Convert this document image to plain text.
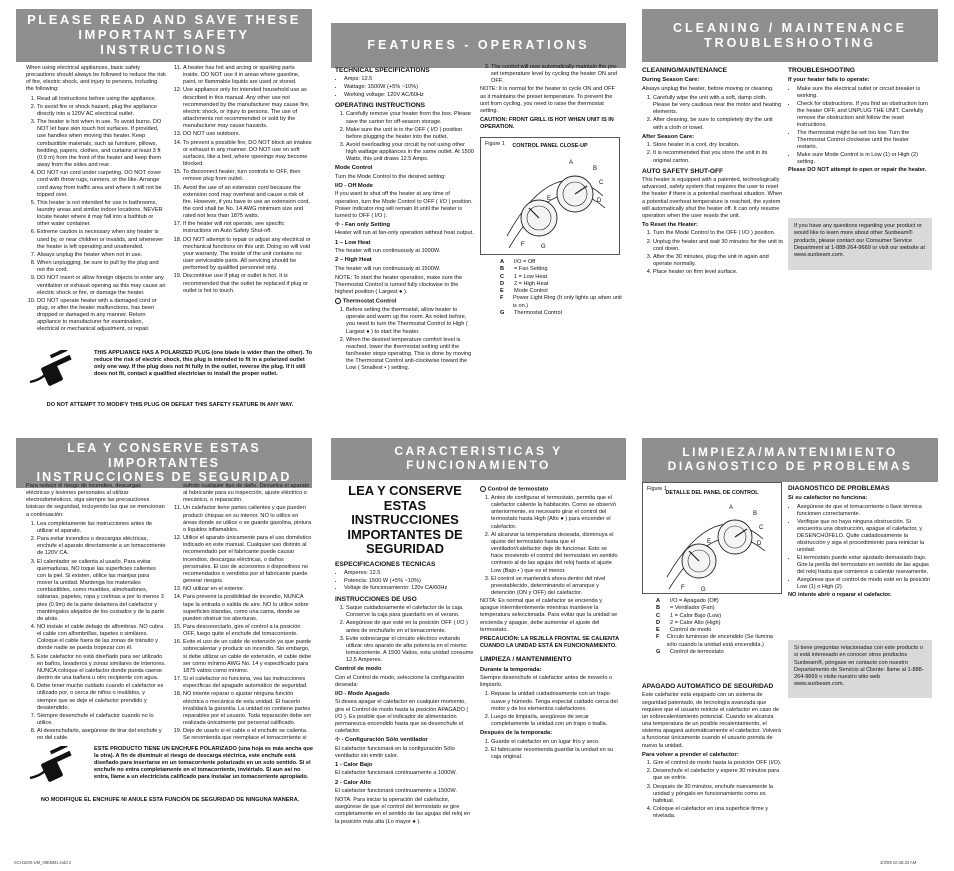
PLEASE READ AND SAVE THESE
IMPORTANT SAFETY INSTRUCTIONS

When using electrical appliances, basic safety precautions should always be followed to reduce the risk of fire, electric shock, and injury to persons, including the following:

1. Read all instructions before using the appliance.
2. To avoid fire or shock hazard, plug the appliance directly into a 120V AC electrical outlet.
3. The heater is hot when in use. To avoid burns, DO NOT let bare skin touch hot surfaces. If provided, use handles when moving this heater. Keep combustible materials, such as furniture, pillows, bedding, papers, clothes, and curtains at least 3 ft (0.9 m) from the front of the heater and keep them away from the sides and rear.
4. DO NOT run cord under carpeting. DO NOT cover cord with throw rugs, runners, or the like. Arrange cord away from traffic area and where it will not be tripped over.
5. This heater is not intended for use in bathrooms, laundry areas and similar indoor locations. NEVER locate heater where it may fall into a bathtub or other water container.
6. Extreme caution is necessary when any heater is used by, or near children or invalids, and whenever the heater is left operating and unattended.
7. Always unplug the heater when not in use.
8. When unplugging, be sure to pull by the plug and not the cord.
9. DO NOT insert or allow foreign objects to enter any ventilation or exhaust opening as this may cause an electric shock or fire, or damage the heater.
10. DO NOT operate heater with a damaged cord or plug, or after the heater malfunctions, has been dropped or damaged in any manner. Return appliance to manufacturer for examination, electrical or mechanical adjustment, or repair.
11. A heater has hot and arcing or sparking parts inside. DO NOT use it in areas where gasoline, paint, or flammable liquids are used or stored.
12. Use appliance only for intended household use as described in this manual. Any other use not recommended by the manufacturer may cause fire, electric shock, or injury to persons. The use of attachments not recommended or sold by the manufacturer may cause hazards.
13. DO NOT use outdoors.
14. To prevent a possible fire, DO NOT block air intakes or exhaust in any manner. DO NOT use on soft surfaces, like a bed, where openings may become blocked.
15. To disconnect heater, turn controls to OFF, then remove plug from outlet.
16. Avoid the use of an extension cord because the extension cord may overheat and cause a risk of fire. However, if you have to use an extension cord, the cord shall be No. 14 AWG minimum size and rated not less than 1875 watts.
17. If the heater will not operate, see specific instructions on Auto Safety Shut-off.
18. DO NOT attempt to repair or adjust any electrical or mechanical functions on this unit. Doing so will void your warranty. The inside of the unit contains no user serviceable parts. All servicing should be performed by qualified personnel only.
19. Discontinue use if plug or outlet is hot. It is recommended that the outlet be replaced if plug or outlet is hot to touch.
THIS APPLIANCE HAS A POLARIZED PLUG (one blade is wider than the other). To reduce the risk of electric shock, this plug is intended to fit in a polarized outlet only one way. If the plug does not fit fully in the outlet, reverse the plug. If it still does not fit, contact a qualified electrician to install the proper outlet.
DO NOT ATTEMPT TO MODIFY THIS PLUG OR DEFEAT THIS SAFETY FEATURE IN ANY WAY.
FEATURES - OPERATIONS
TECHNICAL SPECIFICATIONS
• Amps: 12.5
• Wattage: 1500W (+5% ~10%)
• Working voltage: 120V AC/60Hz
OPERATING INSTRUCTIONS
1. Carefully remove your heater from the box. Please save the carton for off-season storage.
2. Make sure the unit is in the OFF ( I/O ) position before plugging the heater into the outlet.
3. Avoid overloading your circuit by not using other high wattage appliances in the same outlet. At 1500 Watts, this unit draws 12.5 Amps.
Mode Control

Turn the Mode Control to the desired setting:

I/O - Off Mode

If you want to shut off the heater at any time of operation, turn the Mode Control to OFF ( I/O ) position. Power indicator ring will remain lit until the heater is turned to OFF ( I/O ).

✣ - Fan only Setting

Heater will run at fan-only operation without heat output.

1 – Low Heat

The heater will run continuously at 1000W.

2 – High Heat

The heater will run continuously at 1500W.

NOTE: To start the heater operation, make sure the Thermostat Control is turned fully clockwise to the highest position ( Largest ● ).

◦ Thermostat Control
1. Before setting the thermostat, allow heater to operate and warm up the room. As noted before, you need to turn the Thermostat Control to High ( Largest ● ) to start the heater.
2. When the desired temperature comfort level is reached, lower the thermostat setting until the fan/heater stops operating. This is done by moving the Thermostat Control anti-clockwise toward the Low ( Smallest • ) setting.
3. The control will now automatically maintain the pre-set temperature level by cycling the heater ON and OFF.

NOTE: It is normal for the heater to cycle ON and OFF as it maintains the preset temperature. To prevent the unit from cycling, you need to raise the thermostat setting.

CAUTION: FRONT GRILL IS HOT WHEN UNIT IS IN OPERATION.

Figure 1	CONTROL PANEL CLOSE-UP
A
B
C
D
E
F	G
A	I/O = Off
B	= Fan Setting
C	1 = Low Heat
D	2 = High Heat
E	Mode Control
F	Power Light Ring (It only lights up when unit is on.)
G	Thermostat Control
CLEANING / MAINTENANCE
TROUBLESHOOTING
CLEANING/MAINTENANCE
During Season Care:

Always unplug the heater, before moving or cleaning.

1. Carefully wipe the unit with a soft, damp cloth. Please be very cautious near the motor and heating elements.
2. After cleaning, be sure to completely dry the unit with a cloth or towel.
After Season Care:
1. Store heater in a cool, dry location.
2. It is recommended that you store the unit in its original carton.
AUTO SAFETY SHUT-OFF

This heater is equipped with a patented, technologically advanced, safety system that requires the user to reset the heater if there is a potential overheat situation. When a potential overheat temperature is reached, the system will automatically shut the heater off. It can only resume operation when the user resets the unit.

To Reset the Heater:
1. Turn the Mode Control to the OFF ( I/O ) position.
2. Unplug the heater and wait 30 minutes for the unit to cool down.
3. After the 30 minutes, plug the unit in again and operate normally.
4. Place heater on firm level surface.
TROUBLESHOOTING
If your heater fails to operate:
• Make sure the electrical outlet or circuit breaker is working.
• Check for obstructions. If you find an obstruction turn the heater OFF, and UNPLUG THE UNIT. Carefully remove the obstruction and follow the reset instructions.
• The thermostat might be set too low. Turn the Thermostat Control clockwise until the heater restarts.
• Make sure Mode Control is in Low (1) or High (2) setting.

Please DO NOT attempt to open or repair the heater.

If you have any questions regarding your product or would like to learn more about other Sunbeam® products, please contact our Consumer Service Department at 1-888-264-9669 or visit our website at www.sunbeam.com.
LEA Y CONSERVE ESTAS IMPORTANTES
INSTRUCCIONES DE SEGURIDAD

Para reducir el riesgo de incendios, descargas eléctricas y lesiones personales al utilizar electrodomésticos, siga siempre las precauciones básicas de seguridad, incluyendo las que se mencionan a continuación:

1. Lea completamente las instrucciones antes de utilizar el aparato.
2. Para evitar incendios o descargas eléctricas, enchufe el aparato directamente a un tomacorriente de 120V CA.
3. El calentador se calienta al usarlo. Para evitar quemaduras, NO toque las superficies calientes con la piel. Si existen, utilice las manijas para mover la unidad. Mantenga los materiales combustibles, como muebles, almohadones, sábanas, papeles, ropa y cortinas a por lo menos 3 pies (0.9m) de la parte delantera del calefactor y manténgalos alejados de los costados y de la parte de atrás.
4. NO instale el cable debajo de alfombras. NO cubra el cable con alfombrillas, tapetes o similares. Coloque el cable fuera de las zonas de tránsito y donde nadie se pueda tropezar con él.
5. Este calefactor no está diseñado para ser utilizado en baños, lavaderos y zonas similares de interiores. NUNCA coloque el calefactor donde pueda caerse dentro de una bañera u otro recipiente con agua.
6. Debe tener mucho cuidado cuando el calefactor es utilizado por, o cerca de niños o inválidos, y siempre que se deje el calefactor prendido y desatendido.
7. Siempre desenchufe el calefactor cuando no lo utilice.
8. Al desenchufarlo, asegúrese de tirar del enchufe y no del cable.
sufrido cualquier tipo de daño. Devuelva el aparato al fabricante para su inspección, ajuste eléctrico o mecánico, o reparación.
11. Un calefactor tiene partes calientes y que pueden producir chispas en su interior. NO lo utilice en áreas donde se utilice o se guarde gasolina, pintura o líquidos inflamables.
12. Utilice el aparato únicamente para el uso doméstico indicado en este manual. Cualquier uso distinto al recomendado por el fabricante puede causar incendios, descargas eléctricas, o daños personales. El uso de accesorios o dispositivos no recomendados o vendidos por el fabricante puede generar riesgos.
13. NO utilizar en el exterior.
14. Para prevenir la posibilidad de incendio, NUNCA tape la entrada o salida de aire. NO lo utilice sobre superficies blandas, como una cama, donde se pueden obstruir los aberturas.
15. Para desconectarlo, gire el control a la posición OFF, luego quite el enchufe del tomacorriente.
16. Evite el uso de un cable de extensión ya que puede sobrecalentar y producir un incendio. Sin embargo, si debe utilizar un cable de extensión, el cable debe ser como mínimo AWG No. 14 y especificado para 1875 vatios como mínimo.
17. Si el calefactor no funciona, vea las instrucciones específicas del apagado automático de seguridad.
18. NO intente reparar o ajustar ninguna función eléctrica o mecánica de esta unidad. El hacerlo invalidará la garantía. La unidad no contiene partes reparables por el usuario. Toda reparación debe ser realizada únicamente por personal calificado.
19. Deje de usarlo si el cable o el enchufe se calienta. Se recomienda que reemplace el tomacorriente si
ESTE PRODUCTO TIENE UN ENCHUFE POLARIZADO (una hoja es más ancha que la otra). A fin de disminuir el riesgo de descarga eléctrica, este enchufe está diseñado para insertarse en un tomacorriente polarizado en un solo sentido. Si el enchufe no entra completamente en el tomacorriente, inviértalo. Si aun así no entra, llame a un electricista calificado para instalar un tomacorriente apropiado.
NO MODIFIQUE EL ENCHUFE NI ANULE ESTA FUNCIÓN DE SEGURIDAD DE NINGUNA MANERA.
CARACTERISTICAS Y FUNCIONAMIENTO
LEA Y CONSERVE ESTAS
INSTRUCCIONES
IMPORTANTES DE
SEGURIDAD
ESPECIFICACIONES TECNICAS
• Amperes: 12.5
• Potencia: 1500 W (+5% ~10%)
• Voltaje de funcionamiento: 120v CA/60Hz
INSTRUCCIONES DE USO
1. Saque cuidadosamente el calefactor de la caja. Conserve la caja para guardarlo en el verano.
2. Asegúrese de que esté en la posición OFF ( I/O ) antes de enchufarlo en el tomacorriente.
3. Evite sobrecargar el circuito eléctrico evitando utilizar otro aparato de alta potencia en el mismo tomacorriente. A 1500 Vatios, esta unidad consume 12,5 Amperes.
Control de modo

Con el Control de modo, seleccione la configuración deseada:

I/O - Modo Apagado

Si desea apagar el calefactor en cualquier momento, gire el Control de modo hasta la posición APAGADO ( I/O ). Es posible que el indicador de alimentación permanezca encendido hasta que se desenchufe el calefactor.

✣ - Configuración Sólo ventilador

El calefactor funcionará en la configuración Sólo ventilador sin emitir calor.

1 - Calor Bajo

El calefactor funcionará continuamente a 1000W.

2 - Calor Alto

El calefactor funcionará continuamente a 1500W.

NOTA: Para iniciar la operación del calefactor, asegúrese de que el control del termostato se gire completamente en el sentido de las agujas del reloj en la posición más alta (Lo mayor ● ).

◦ Control de termostato
1. Antes de configurar el termostato, permita que el calefactor caliente la habitación. Como se observó anteriormente, es necesario girar el control del termostato hasta High (Alto ● ) para encender el calefactor.
2. Al alcanzar la temperatura deseada, disminuya el ajuste del termostato hasta que el ventilador/calefactor deje de funcionar. Esto se hace moviendo el control del termostato en sentido contrario al de las agujas del reloj hasta el ajuste Low (Bajo • ) que es el menor.
3. El control se mantendrá ahora dentro del nivel preestablecido, determinando el arranque y detención (ON y OFF) del calefactor.

NOTA: Es normal que el calefactor se encienda y apague intermitentemente mientras mantiene la temperatura seleccionada. Para evitar que la unidad se encienda y apague, debe aumentar el ajuste del termostato.

PRECAUCIÓN: LA REJILLA FRONTAL SE CALIENTA CUANDO LA UNIDAD ESTÁ EN FUNCIONAMIENTO.

LIMPIEZA / MANTENIMIENTO
Durante la temporada:

Siempre desenchufe el calefactor antes de moverlo o limpiarlo.

1. Repase la unidad cuidadosamente con un trapo suave y húmedo. Tenga especial cuidado cerca del motor y de los elementos calefactores.
2. Luego de limpiarla, asegúrese de secar completamente la unidad con un trapo o toalla.
Después de la temporada:
1. Guarde el calefactor en un lugar frío y seco.
2. El fabricante recomienda guardar la unidad en su caja original.
LIMPIEZA/MANTENIMIENTO
DIAGNOSTICO DE PROBLEMAS
Figure 1
DETALLE DEL PANEL DE CONTROL
A
B
C
D
E
F	G
A	I/O = Apagado (Off)
B	= Ventilador (Fan)
C	1 = Calor Bajo (Low)
D	2 = Calor Alto (High)
E	Control de modo
F Círculo luminoso de encendido (Se ilumina sólo cuando la unidad está encendida.)
G	Control de termostato
APAGADO AUTOMATICO DE SEGURIDAD

Este calefactor está equipado con un sistema de seguridad patentado, de tecnología avanzada que requiere que el usuario reinicie el calefactor en caso de un sobrecalentamiento potencial. Cuando se alcanza una temperatura de un posible recalentamiento, el sistema apagará automáticamente el calefactor. Volverá a funcionar únicamente cuando el usuario prenda de nuevo la unidad.

Para volver a prender el calefactor:
1. Gire el control de modo hasta la posición OFF (I/O).
2. Desenchufe el calefactor y espere 30 minutos para que se enfríe.
3. Después de 30 minutos, enchufe nuevamente la unidad y póngalo en funcionamiento como es habitual.
4. Coloque el calefactor en una superficie firme y nivelada.
DIAGNOSTICO DE PROBLEMAS
Si su calefactor no funciona:
• Asegúrese de que el tomacorriente o llave térmica funcionen correctamente.
• Verifique que no haya ninguna obstrucción. Si encuentra una obstrucción, apague el calefactor, y DESENCHÚFELO. Quite cuidadosamente la obstrucción y siga el procedimiento para reiniciar la unidad.
• El termostato puede estar ajustado demasiado bajo. Gire la perilla del termostato en sentido de las agujas del reloj hasta que comience a calentar nuevamente.
• Asegúrese que el control de modo esté en la posición Low (1) o High (2).

NO intente abrir o reparar el calefactor.

Si tiene preguntas relacionadas con este producto o si está interesado en conocer otros productos Sunbeam®, póngase en contacto con nuestro Departamento de Servicio al Cliente: llame al 1-888-264-9669 o visite nuestro sitio web www.sunbeam.com.
SCH1500-UM_09EBM1.indd 2	3/3/09 10:36:33 AM
